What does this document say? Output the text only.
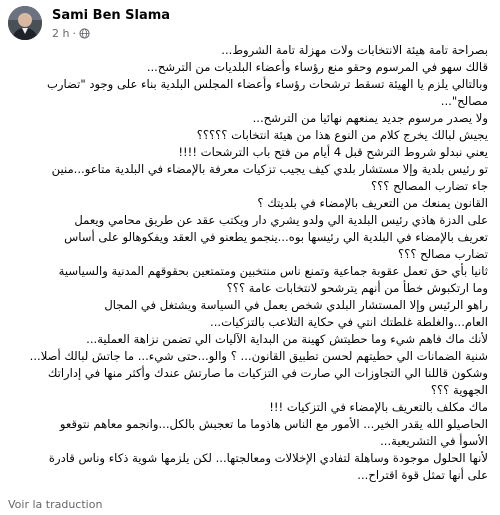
Sami Ben Slama
2 h ·

بصراحة تامة هيئة الانتخابات ولات مهزلة تامة الشروط...

قالك سهو في المرسوم وحقو منع رؤساء وأعضاء البلديات من الترشح...

وبالتالي يلزم يا الهيئة تسقط ترشحات رؤساء وأعضاء المجلس البلدية بناء على وجود "تضارب

مصالح"...

ولا يصدر مرسوم جديد يمنعهم نهائيا من الترشح...

يجيش لبالك يخرج كلام من النوع هذا من هيئة انتخابات ؟؟؟؟؟

يعني نبدلو شروط الترشح قبل 4 أيام من فتح باب الترشحات !!!!

تو رئيس بلدية وإلا مستشار بلدي كيف يجيب تزكيات معرفة بالإمضاء في البلدية متاعو...منين

جاء تضارب المصالح ؟؟؟

القانون يمنعك من التعريف بالإمضاء في بلديتك ؟

على الدزة هاذي رئيس البلدية الي ولدو يشري دار ويكتب عقد عن طريق محامي ويعمل

تعريف بالإمضاء في البلدية الي رئيسها بوه...ينجمو يطعنو في العقد ويفكوهالو على أساس

تضارب مصالح ؟؟؟

ثانيا بأي حق تعمل عقوبة جماعية وتمنع ناس منتخبين ومتمتعين بحقوقهم المدنية والسياسية

وما ارتكبوش خطأ من أنهم يترشحو لانتخابات عامة ؟؟؟

راهو الرئيس وإلا المستشار البلدي شخص يعمل في السياسة ويشتغل في المجال

العام...والغلطة غلطتك انتي في حكاية التلاعب بالتزكيات...

لأنك ماك فاهم شيء وما حطيتش كهينة من البداية الآليات الي تضمن نزاهة العملية...

شنية الضمانات الي حطيتهم لحسن تطبيق القانون... ؟ والو...حتى شيء... ما جاتش لبالك أصلا...

وشكون قاللنا الي التجاوزات الي صارت في التزكيات ما صارتش عندك وأكثر منها في إداراتك

الجهوية ؟؟؟

ماك مكلف بالتعريف بالإمضاء في التزكيات !!!

الحاصيلو الله يقدر الخير... الأمور مع الناس هاذوما ما تعجبش بالكل...وانجمو معاهم نتوقعو

الأسوأ في التشريعية...

لأنها الحلول موجودة وساهلة لتفادي الإخلالات ومعالجتها... لكن يلزمها شوية ذكاء وناس قادرة

على أنها تمثل قوة اقتراح...

Voir la traduction
